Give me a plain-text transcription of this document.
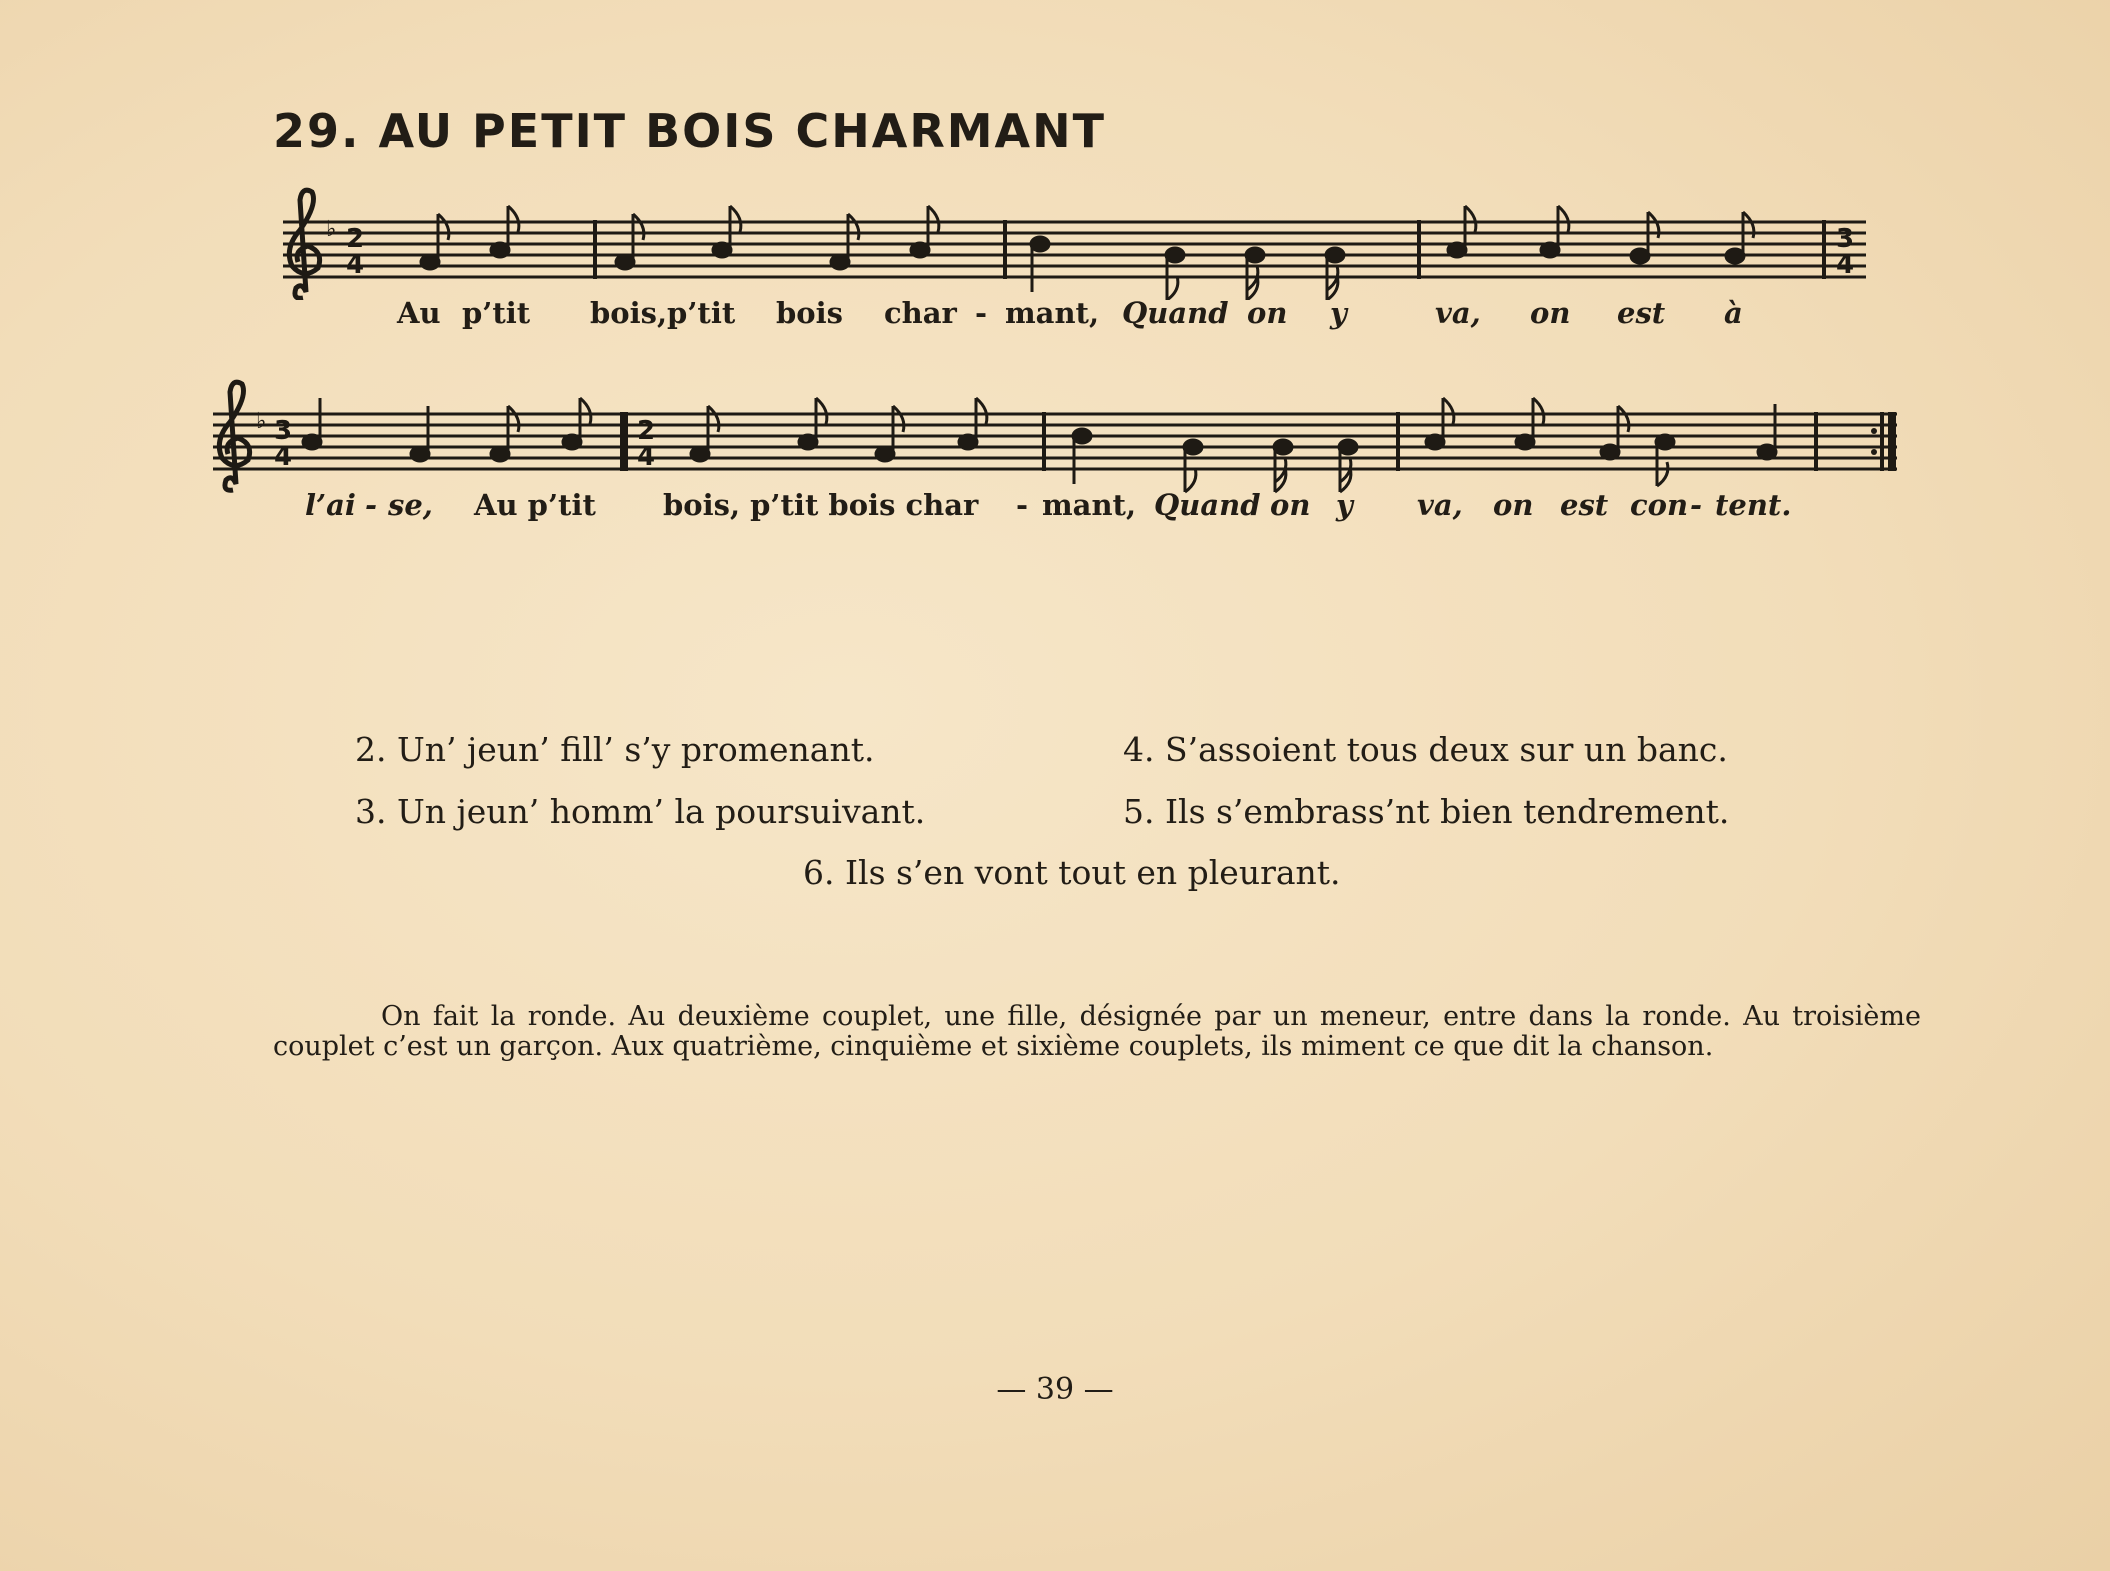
29. AU PETIT BOIS CHARMANT
♭ 2
4
3
4
Au p’tit bois,p’tit bois char - mant, Quand on y	va, on est à
♭ 3
4
2
4
l’ai - se, Au p’tit bois, p’tit bois char - mant, Quand on y va, on est con - tent.
2. Un’ jeun’ fill’ s’y promenant.
3. Un jeun’ homm’ la poursuivant.
4. S’assoient tous deux sur un banc.
5. Ils s’embrass’nt bien tendrement.
6. Ils s’en vont tout en pleurant.
On fait la ronde. Au deuxième couplet, une fille, désignée par un meneur, entre dans la ronde. Au troisième couplet c’est un garçon. Aux quatrième, cinquième et sixième couplets, ils miment ce que dit la chanson.
— 39 —
